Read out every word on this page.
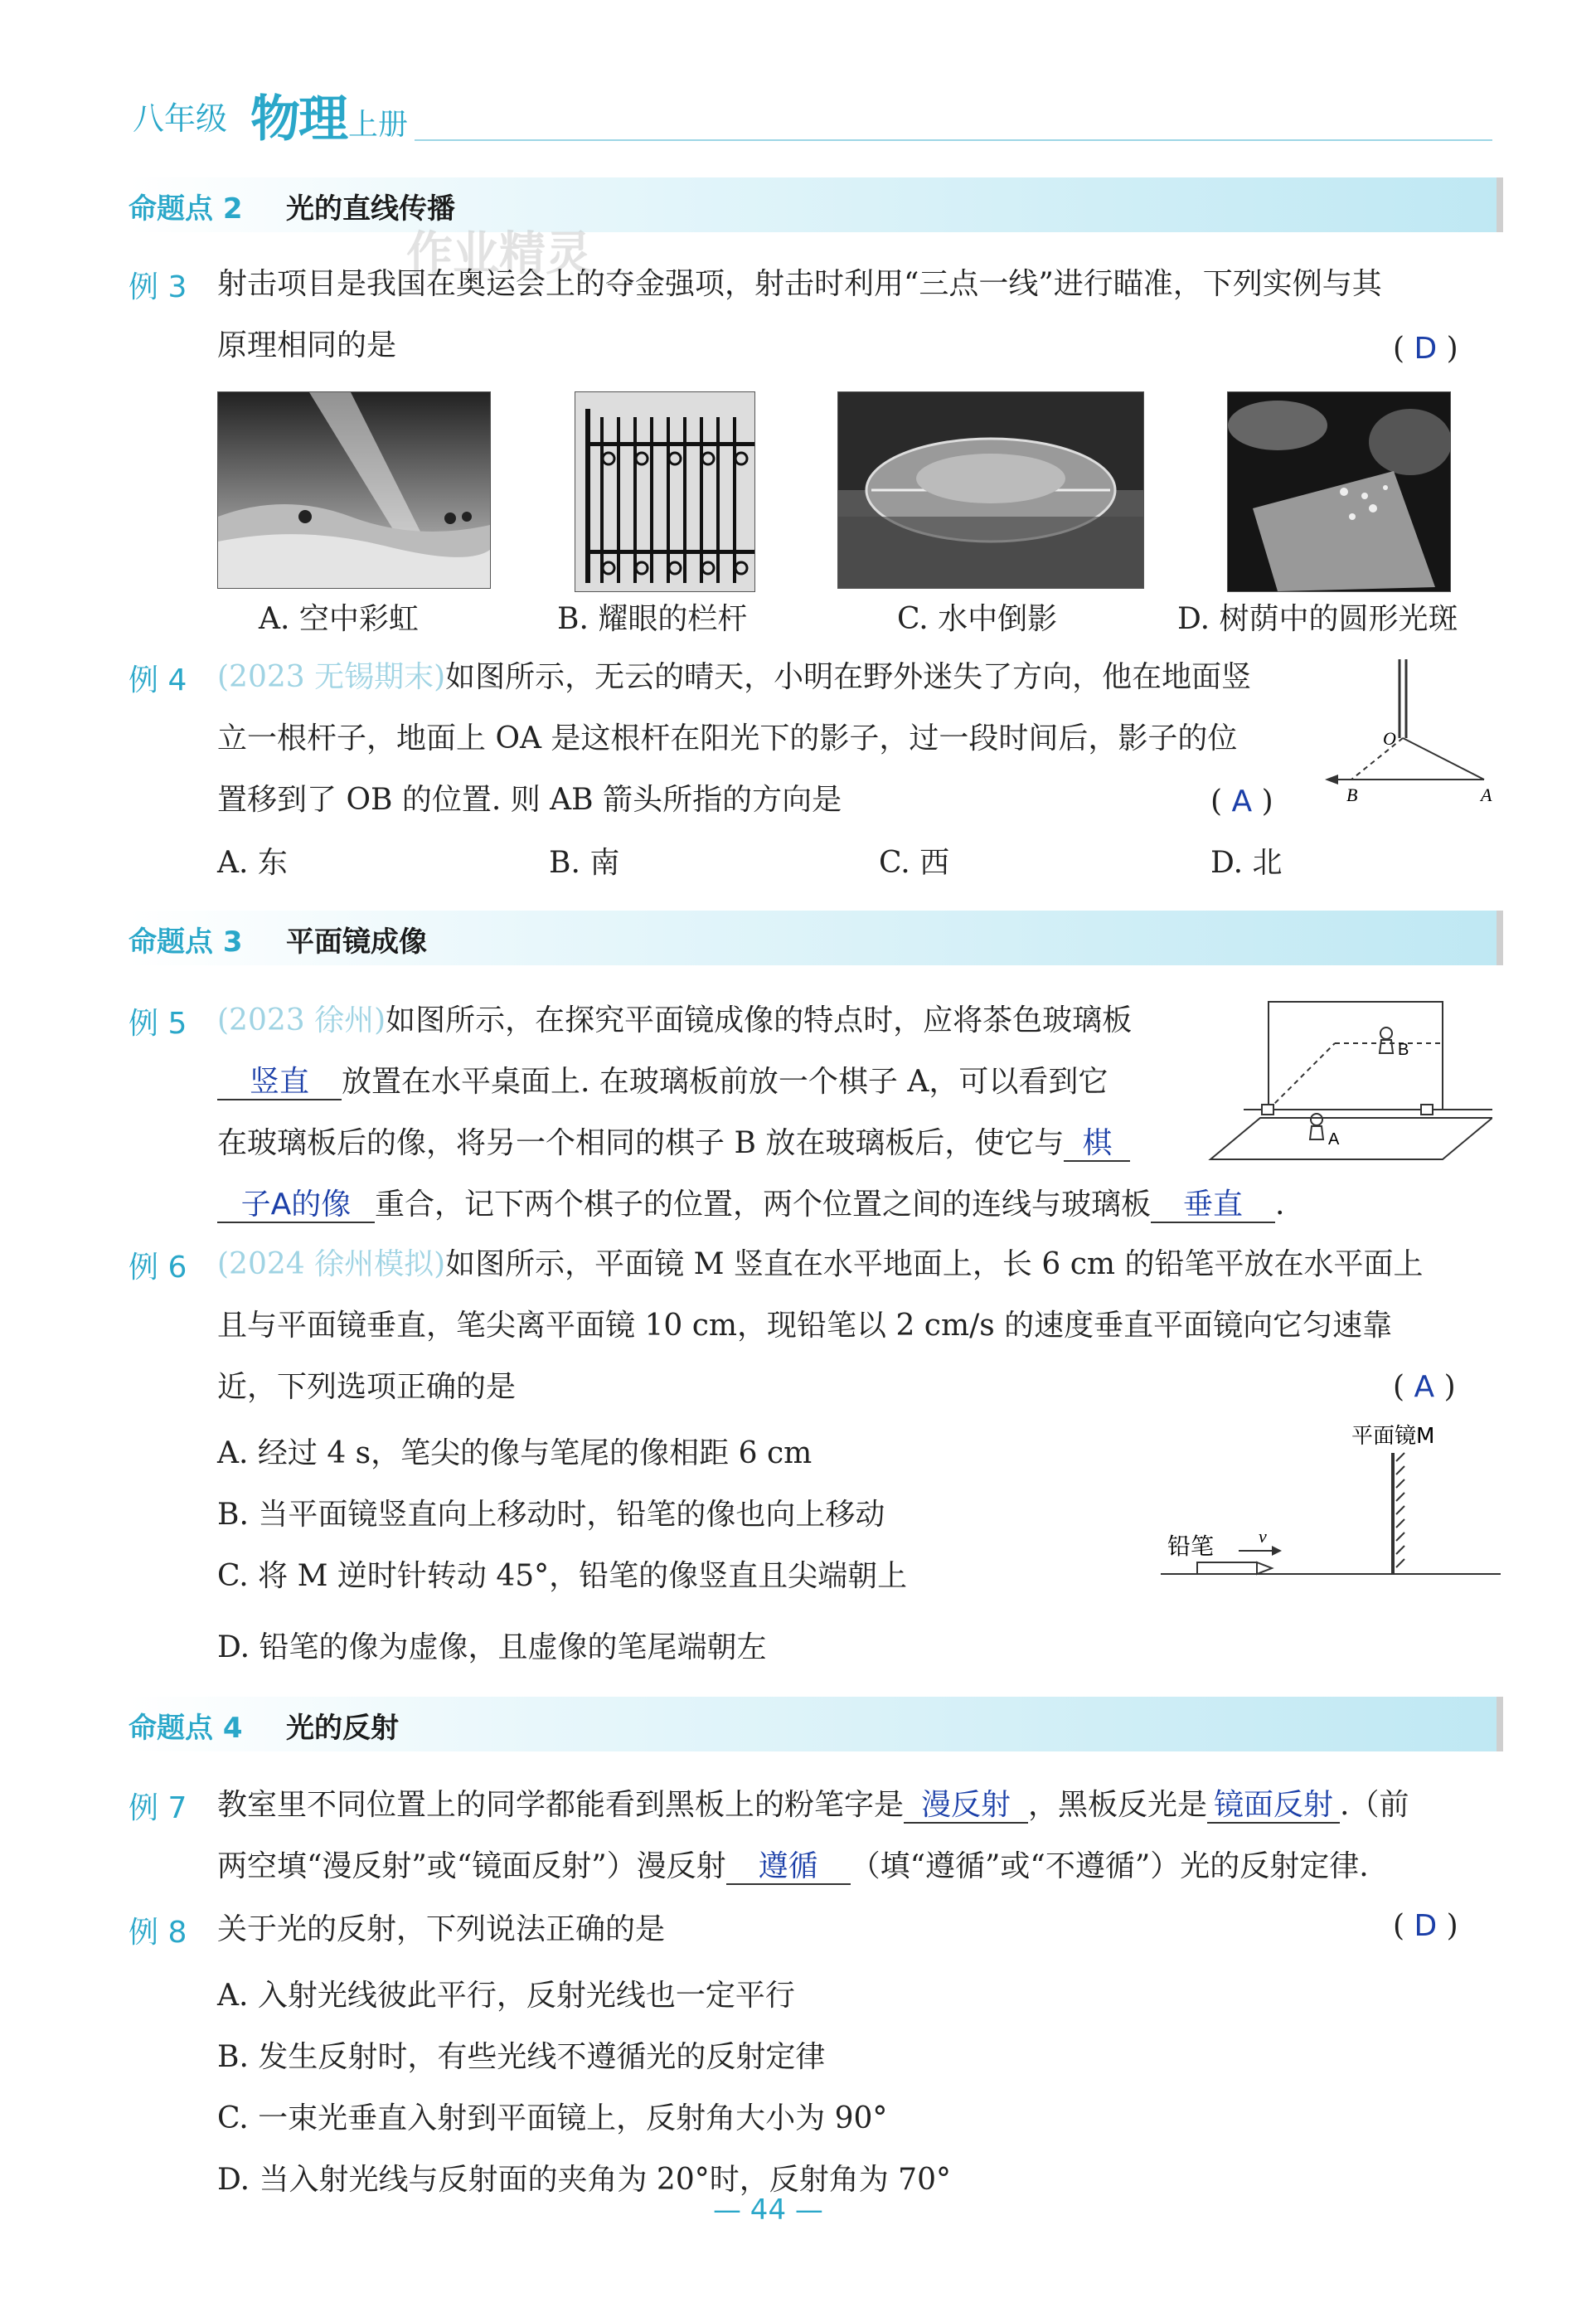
八年级 物理 上册
命题点 2 光的直线传播
作业精灵
例 3 射击项目是我国在奥运会上的夺金强项，射击时利用“三点一线”进行瞄准，下列实例与其
原理相同的是	( D )
A. 空中彩虹	B. 耀眼的栏杆	C. 水中倒影	D. 树荫中的圆形光斑
例 4 (2023 无锡期末)如图所示，无云的晴天，小明在野外迷失了方向，他在地面竖
立一根杆子，地面上 OA 是这根杆在阳光下的影子，过一段时间后，影子的位
置移到了 OB 的位置. 则 AB 箭头所指的方向是	( A )
A. 东	B. 南	C. 西	D. 北
O
B	A
命题点 3 平面镜成像
例 5 (2023 徐州)如图所示，在探究平面镜成像的特点时，应将茶色玻璃板
竖直 放置在水平桌面上. 在玻璃板前放一个棋子 A，可以看到它
在玻璃板后的像，将另一个相同的棋子 B 放在玻璃板后，使它与 棋
子A的像 重合，记下两个棋子的位置，两个位置之间的连线与玻璃板 垂直 .
B
A
例 6 (2024 徐州模拟)如图所示，平面镜 M 竖直在水平地面上，长 6 cm 的铅笔平放在水平面上
且与平面镜垂直，笔尖离平面镜 10 cm，现铅笔以 2 cm/s 的速度垂直平面镜向它匀速靠
近，下列选项正确的是	( A )
A. 经过 4 s，笔尖的像与笔尾的像相距 6 cm
B. 当平面镜竖直向上移动时，铅笔的像也向上移动
C. 将 M 逆时针转动 45°，铅笔的像竖直且尖端朝上
D. 铅笔的像为虚像，且虚像的笔尾端朝左
平面镜M
铅笔 v
命题点 4 光的反射
例 7 教室里不同位置上的同学都能看到黑板上的粉笔字是 漫反射 ，黑板反光是 镜面反射 .（前
两空填“漫反射”或“镜面反射”）漫反射 遵循 （填“遵循”或“不遵循”）光的反射定律.
例 8 关于光的反射，下列说法正确的是	( D )
A. 入射光线彼此平行，反射光线也一定平行
B. 发生反射时，有些光线不遵循光的反射定律
C. 一束光垂直入射到平面镜上，反射角大小为 90°
D. 当入射光线与反射面的夹角为 20°时，反射角为 70°
— 44 —
